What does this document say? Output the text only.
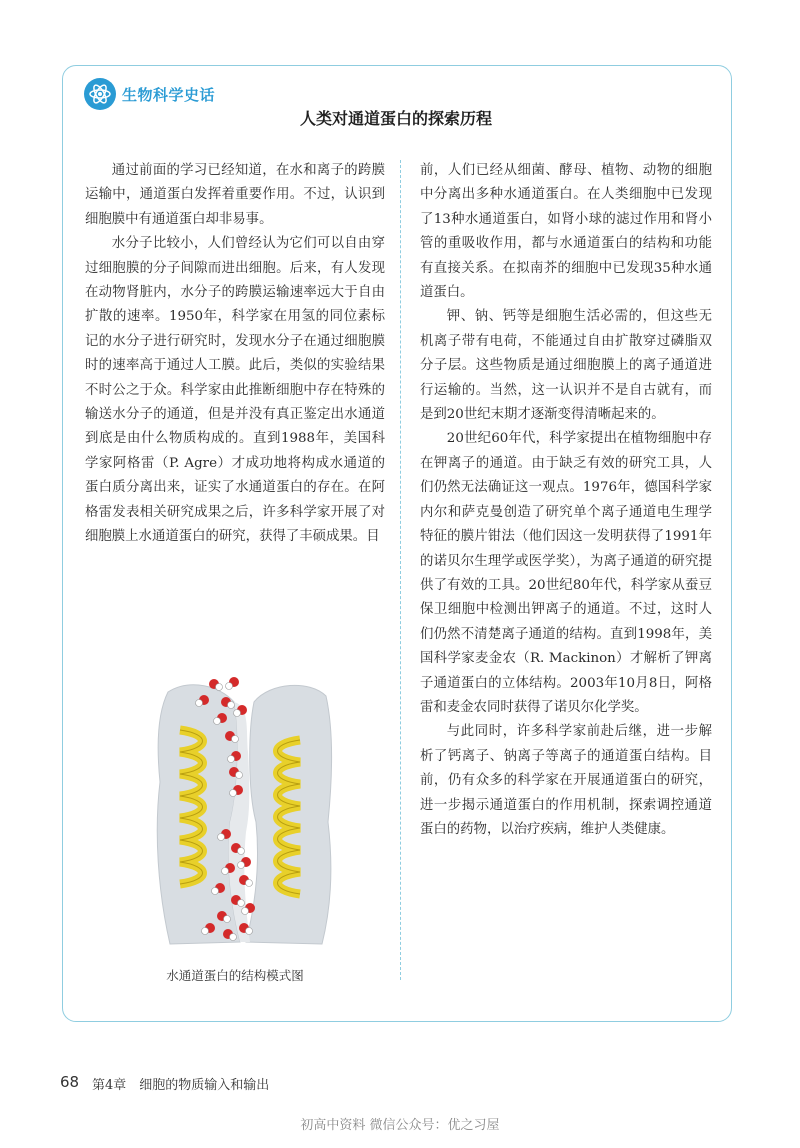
生物科学史话
人类对通道蛋白的探索历程

通过前面的学习已经知道，在水和离子的跨膜运输中，通道蛋白发挥着重要作用。不过，认识到细胞膜中有通道蛋白却非易事。

水分子比较小，人们曾经认为它们可以自由穿过细胞膜的分子间隙而进出细胞。后来，有人发现在动物肾脏内，水分子的跨膜运输速率远大于自由扩散的速率。1950年，科学家在用氢的同位素标记的水分子进行研究时，发现水分子在通过细胞膜时的速率高于通过人工膜。此后，类似的实验结果不时公之于众。科学家由此推断细胞中存在特殊的输送水分子的通道，但是并没有真正鉴定出水通道到底是由什么物质构成的。直到1988年，美国科学家阿格雷（P. Agre）才成功地将构成水通道的蛋白质分离出来，证实了水通道蛋白的存在。在阿格雷发表相关研究成果之后，许多科学家开展了对细胞膜上水通道蛋白的研究，获得了丰硕成果。目

前，人们已经从细菌、酵母、植物、动物的细胞中分离出多种水通道蛋白。在人类细胞中已发现了13种水通道蛋白，如肾小球的滤过作用和肾小管的重吸收作用，都与水通道蛋白的结构和功能有直接关系。在拟南芥的细胞中已发现35种水通道蛋白。

钾、钠、钙等是细胞生活必需的，但这些无机离子带有电荷，不能通过自由扩散穿过磷脂双分子层。这些物质是通过细胞膜上的离子通道进行运输的。当然，这一认识并不是自古就有，而是到20世纪末期才逐渐变得清晰起来的。

20世纪60年代，科学家提出在植物细胞中存在钾离子的通道。由于缺乏有效的研究工具，人们仍然无法确证这一观点。1976年，德国科学家内尔和萨克曼创造了研究单个离子通道电生理学特征的膜片钳法（他们因这一发明获得了1991年的诺贝尔生理学或医学奖），为离子通道的研究提供了有效的工具。20世纪80年代，科学家从蚕豆保卫细胞中检测出钾离子的通道。不过，这时人们仍然不清楚离子通道的结构。直到1998年，美国科学家麦金农（R. Mackinon）才解析了钾离子通道蛋白的立体结构。2003年10月8日，阿格雷和麦金农同时获得了诺贝尔化学奖。

与此同时，许多科学家前赴后继，进一步解析了钙离子、钠离子等离子的通道蛋白结构。目前，仍有众多的科学家在开展通道蛋白的研究，进一步揭示通道蛋白的作用机制，探索调控通道蛋白的药物，以治疗疾病，维护人类健康。

水通道蛋白的结构模式图
68 第4章　细胞的物质输入和输出
初高中资料 微信公众号：优之习屋
